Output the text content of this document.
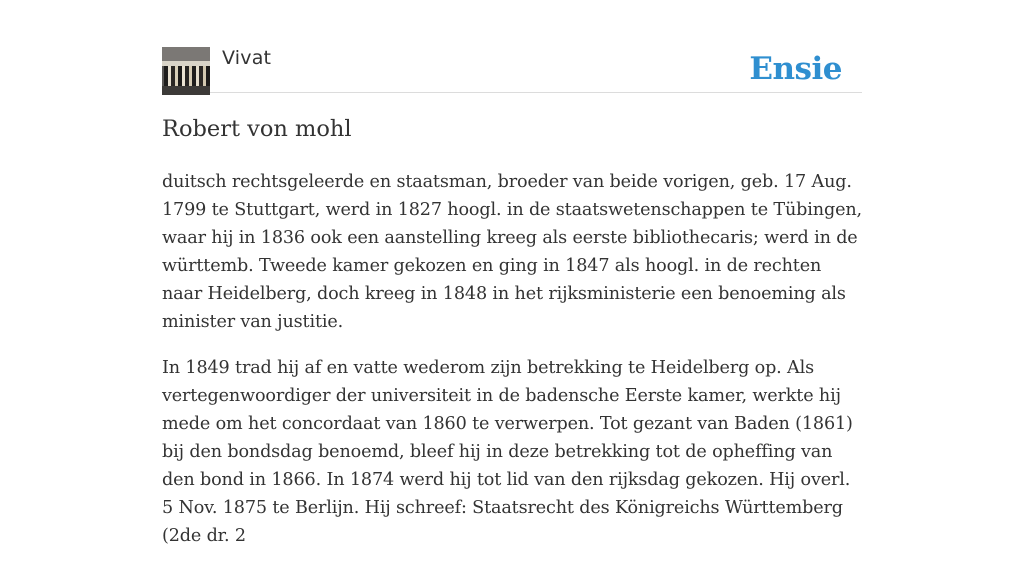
Vivat	Ensie
Robert von mohl

duitsch rechtsgeleerde en staatsman, broeder van beide vorigen, geb. 17 Aug. 1799 te Stuttgart, werd in 1827 hoogl. in de staatswetenschappen te Tübingen, waar hij in 1836 ook een aanstelling kreeg als eerste bibliothecaris; werd in de württemb. Tweede kamer gekozen en ging in 1847 als hoogl. in de rechten naar Heidelberg, doch kreeg in 1848 in het rijksministerie een benoeming als minister van justitie.

In 1849 trad hij af en vatte wederom zijn betrekking te Heidelberg op. Als vertegenwoordiger der universiteit in de badensche Eerste kamer, werkte hij mede om het concordaat van 1860 te verwerpen. Tot gezant van Baden (1861) bij den bondsdag benoemd, bleef hij in deze betrekking tot de opheffing van den bond in 1866. In 1874 werd hij tot lid van den rijksdag gekozen. Hij overl. 5 Nov. 1875 te Berlijn. Hij schreef: Staatsrecht des Königreichs Württemberg (2de dr. 2
